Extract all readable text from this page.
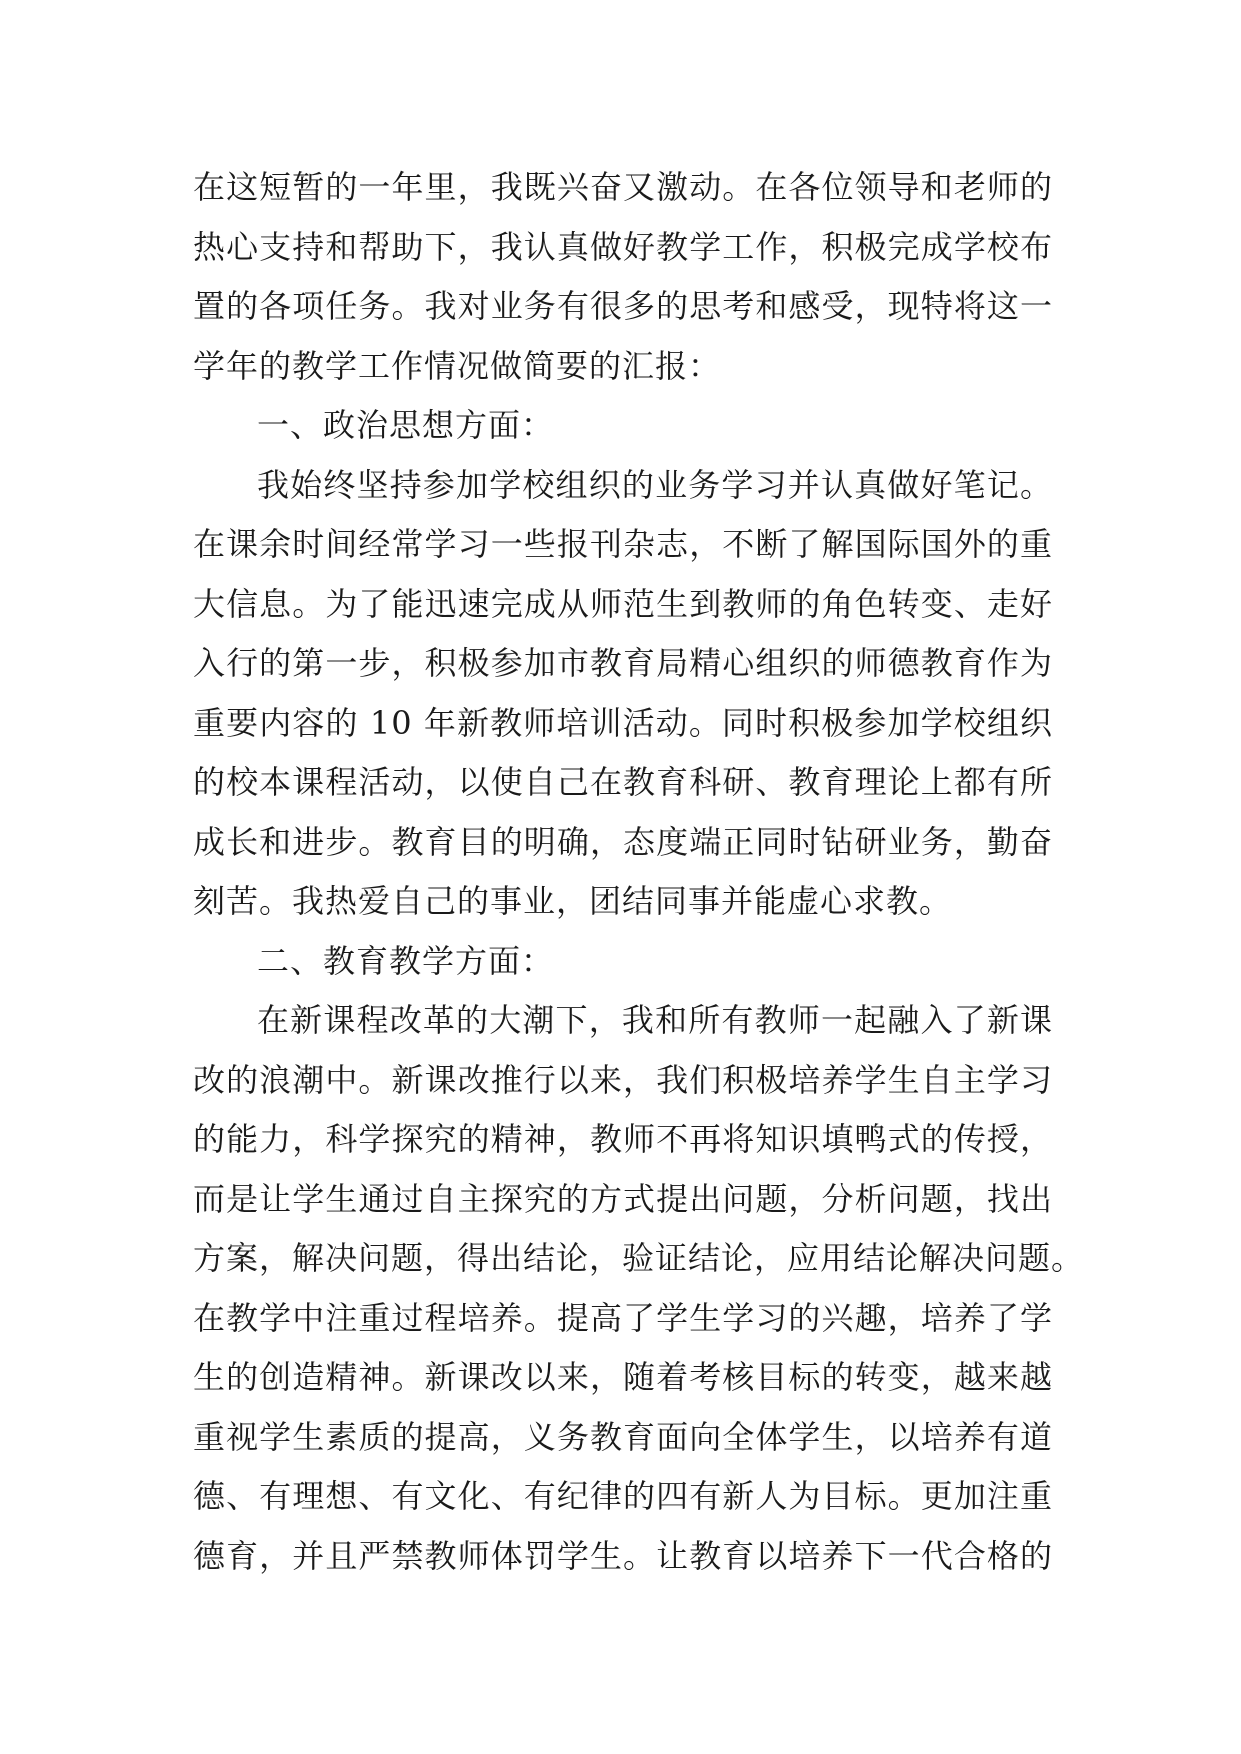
在这短暂的一年里，我既兴奋又激动。在各位领导和老师的
热心支持和帮助下，我认真做好教学工作，积极完成学校布
置的各项任务。我对业务有很多的思考和感受，现特将这一
学年的教学工作情况做简要的汇报：
一、政治思想方面：
我始终坚持参加学校组织的业务学习并认真做好笔记。
在课余时间经常学习一些报刊杂志，不断了解国际国外的重
大信息。为了能迅速完成从师范生到教师的角色转变、走好
入行的第一步，积极参加市教育局精心组织的师德教育作为
重要内容的 10 年新教师培训活动。同时积极参加学校组织
的校本课程活动，以使自己在教育科研、教育理论上都有所
成长和进步。教育目的明确，态度端正同时钻研业务，勤奋
刻苦。我热爱自己的事业，团结同事并能虚心求教。
二、教育教学方面：
在新课程改革的大潮下，我和所有教师一起融入了新课
改的浪潮中。新课改推行以来，我们积极培养学生自主学习
的能力，科学探究的精神，教师不再将知识填鸭式的传授，
而是让学生通过自主探究的方式提出问题，分析问题，找出
方案，解决问题，得出结论，验证结论，应用结论解决问题。
在教学中注重过程培养。提高了学生学习的兴趣，培养了学
生的创造精神。新课改以来，随着考核目标的转变，越来越
重视学生素质的提高，义务教育面向全体学生，以培养有道
德、有理想、有文化、有纪律的四有新人为目标。更加注重
德育，并且严禁教师体罚学生。让教育以培养下一代合格的
